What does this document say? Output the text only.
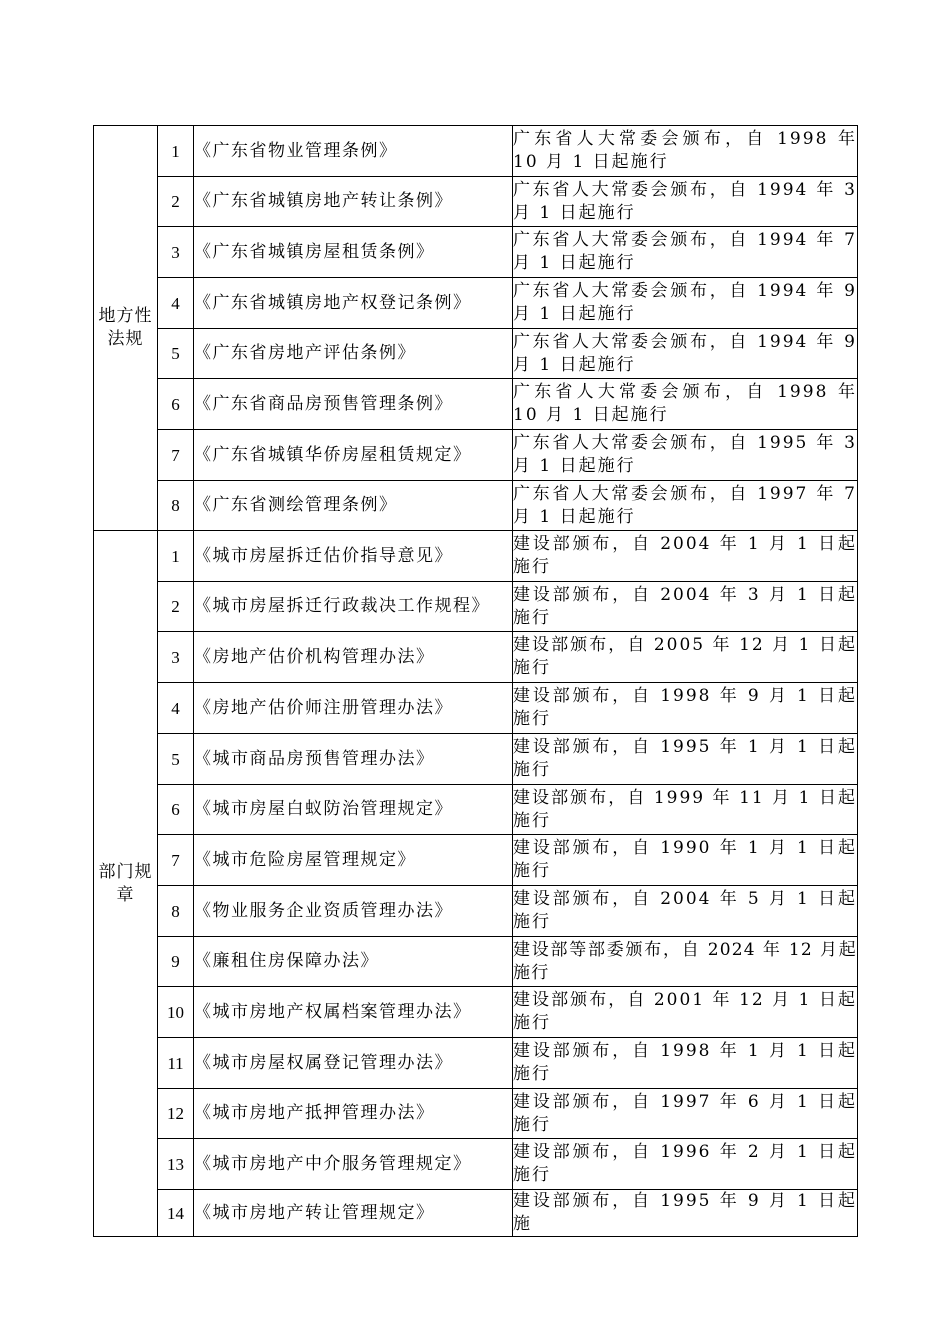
地方性法规	1	《广东省物业管理条例》	广东省人大常委会颁布，自 1998 年 10 月 1 日起施行
	2	《广东省城镇房地产转让条例》	广东省人大常委会颁布，自 1994 年 3 月 1 日起施行
	3	《广东省城镇房屋租赁条例》	广东省人大常委会颁布，自 1994 年 7 月 1 日起施行
	4	《广东省城镇房地产权登记条例》	广东省人大常委会颁布，自 1994 年 9 月 1 日起施行
	5	《广东省房地产评估条例》	广东省人大常委会颁布，自 1994 年 9 月 1 日起施行
	6	《广东省商品房预售管理条例》	广东省人大常委会颁布，自 1998 年 10 月 1 日起施行
	7	《广东省城镇华侨房屋租赁规定》	广东省人大常委会颁布，自 1995 年 3 月 1 日起施行
	8	《广东省测绘管理条例》	广东省人大常委会颁布，自 1997 年 7 月 1 日起施行

部门规章	1	《城市房屋拆迁估价指导意见》	建设部颁布，自 2004 年 1 月 1 日起施行
	2	《城市房屋拆迁行政裁决工作规程》	建设部颁布，自 2004 年 3 月 1 日起施行
	3	《房地产估价机构管理办法》	建设部颁布，自 2005 年 12 月 1 日起施行
	4	《房地产估价师注册管理办法》	建设部颁布，自 1998 年 9 月 1 日起施行
	5	《城市商品房预售管理办法》	建设部颁布，自 1995 年 1 月 1 日起施行
	6	《城市房屋白蚁防治管理规定》	建设部颁布，自 1999 年 11 月 1 日起施行
	7	《城市危险房屋管理规定》	建设部颁布，自 1990 年 1 月 1 日起施行
	8	《物业服务企业资质管理办法》	建设部颁布，自 2004 年 5 月 1 日起施行
	9	《廉租住房保障办法》	建设部等部委颁布，自 2024 年 12 月起施行
	10	《城市房地产权属档案管理办法》	建设部颁布，自 2001 年 12 月 1 日起施行
	11	《城市房屋权属登记管理办法》	建设部颁布，自 1998 年 1 月 1 日起施行
	12	《城市房地产抵押管理办法》	建设部颁布，自 1997 年 6 月 1 日起施行
	13	《城市房地产中介服务管理规定》	建设部颁布，自 1996 年 2 月 1 日起施行
	14	《城市房地产转让管理规定》	建设部颁布，自 1995 年 9 月 1 日起施
